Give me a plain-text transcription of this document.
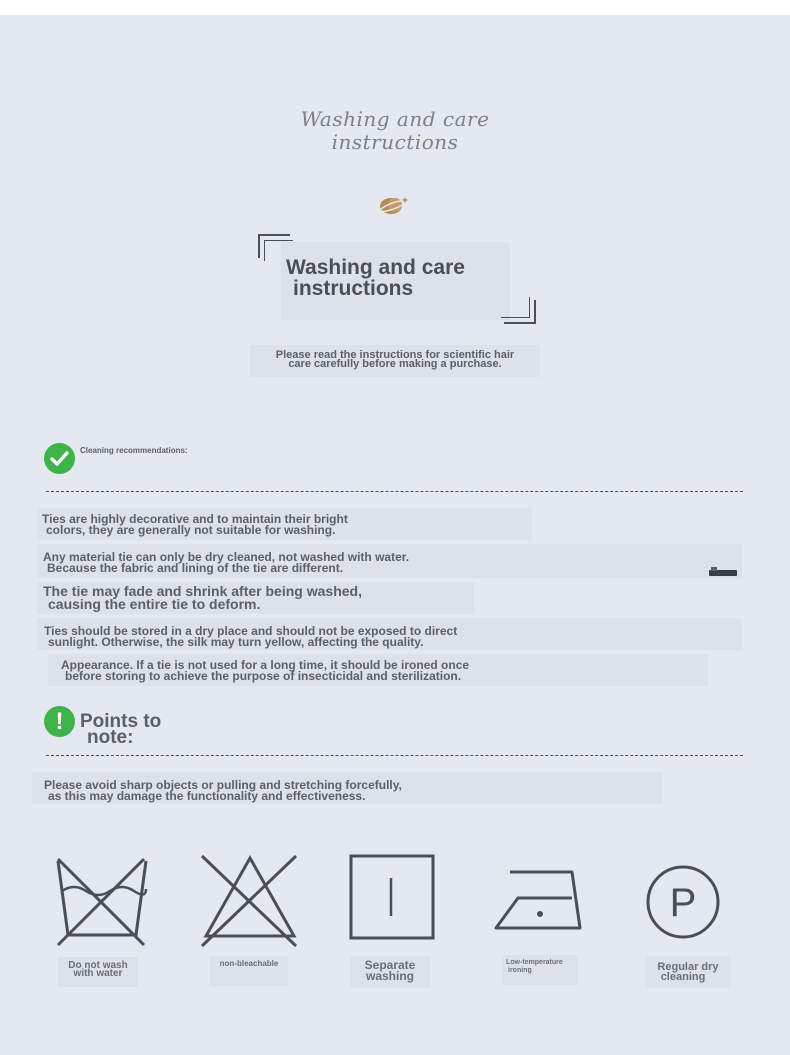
Washing and care
instructions
Washing and care
instructions
Please read the instructions for scientific hair
care carefully before making a purchase.
Cleaning recommendations:
Ties are highly decorative and to maintain their bright
colors, they are generally not suitable for washing.
Any material tie can only be dry cleaned, not washed with water.
Because the fabric and lining of the tie are different.
The tie may fade and shrink after being washed,
causing the entire tie to deform.
Ties should be stored in a dry place and should not be exposed to direct
sunlight. Otherwise, the silk may turn yellow, affecting the quality.
Appearance. If a tie is not used for a long time, it should be ironed once
before storing to achieve the purpose of insecticidal and sterilization.
! Points to
note:
Please avoid sharp objects or pulling and stretching forcefully,
as this may damage the functionality and effectiveness.
P
Do not wash
with water
non-bleachable	Separate
washing
Low-temperature
ironing	Regular dry
cleaning
